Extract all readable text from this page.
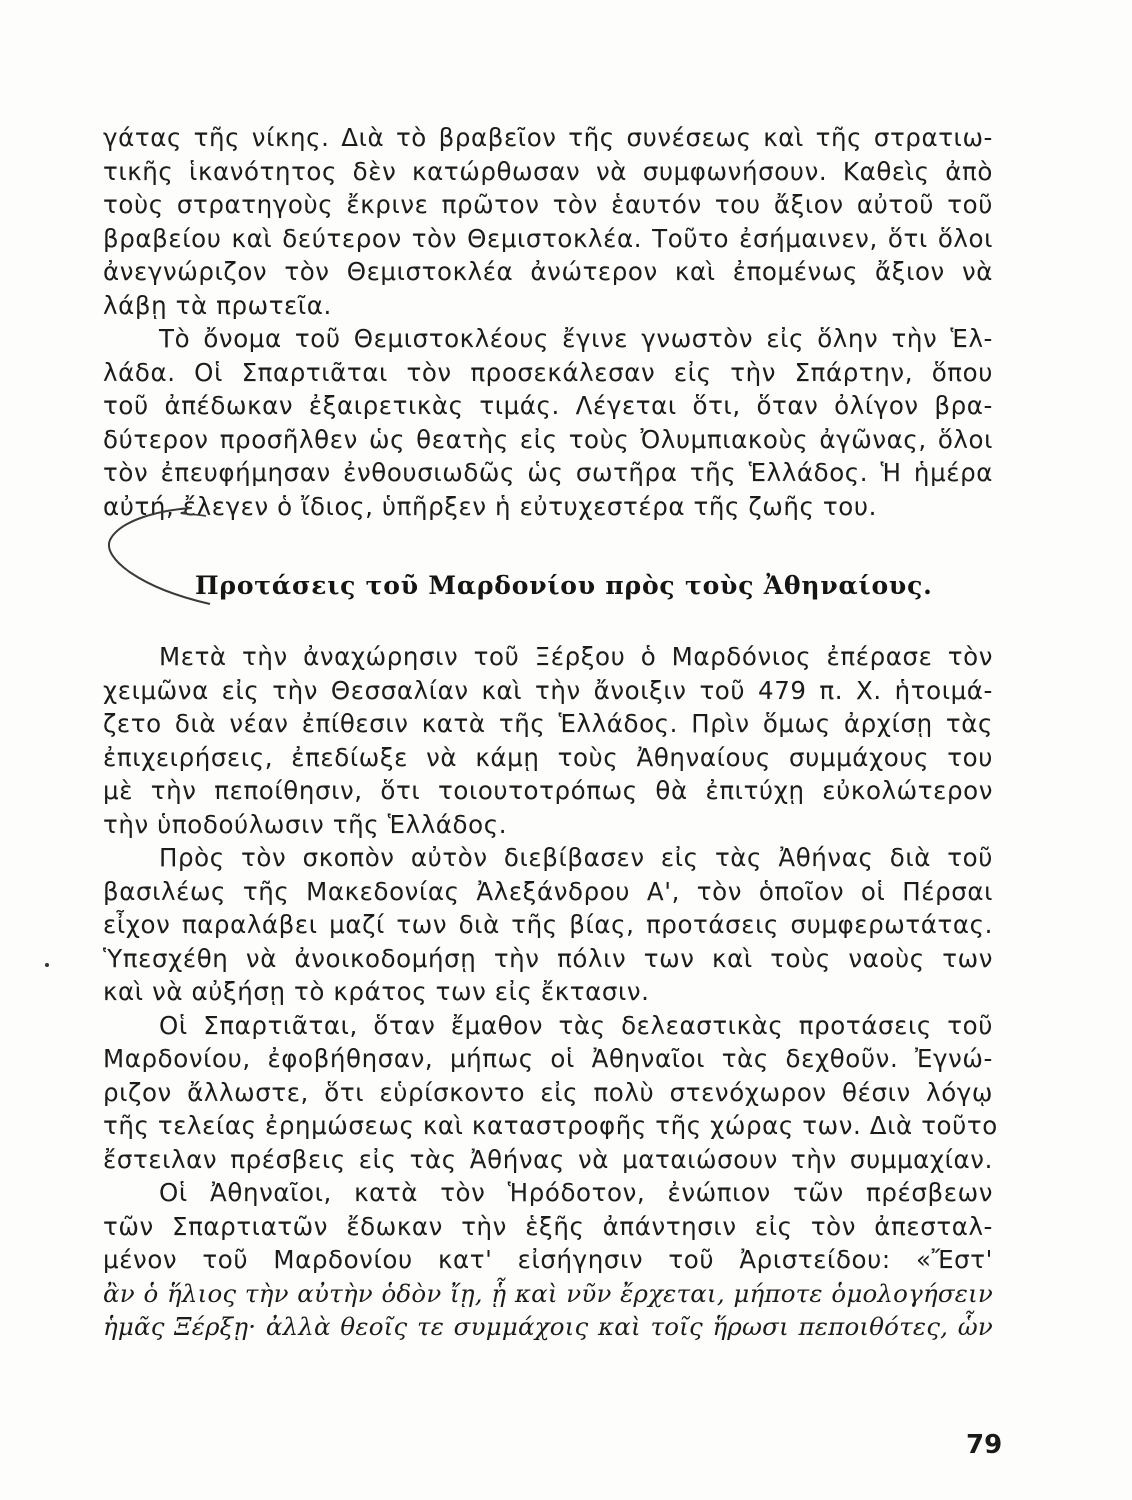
γάτας τῆς νίκης. Διὰ τὸ βραβεῖον τῆς συνέσεως καὶ τῆς στρατιω-
τικῆς ἱκανότητος δὲν κατώρθωσαν νὰ συμφωνήσουν. Καθεὶς ἀπὸ
τοὺς στρατηγοὺς ἔκρινε πρῶτον τὸν ἑαυτόν του ἄξιον αὐτοῦ τοῦ
βραβείου καὶ δεύτερον τὸν Θεμιστοκλέα. Τοῦτο ἐσήμαινεν, ὅτι ὅλοι
ἀνεγνώριζον τὸν Θεμιστοκλέα ἀνώτερον καὶ ἐπομένως ἄξιον νὰ
λάβῃ τὰ πρωτεῖα.

Τὸ ὄνομα τοῦ Θεμιστοκλέους ἔγινε γνωστὸν εἰς ὅλην τὴν Ἑλ-
λάδα. Οἱ Σπαρτιᾶται τὸν προσεκάλεσαν εἰς τὴν Σπάρτην, ὅπου
τοῦ ἀπέδωκαν ἐξαιρετικὰς τιμάς. Λέγεται ὅτι, ὅταν ὀλίγον βρα-
δύτερον προσῆλθεν ὡς θεατὴς εἰς τοὺς Ὀλυμπιακοὺς ἀγῶνας, ὅλοι
τὸν ἐπευφήμησαν ἐνθουσιωδῶς ὡς σωτῆρα τῆς Ἑλλάδος. Ἡ ἡμέρα
αὐτή, ἔλεγεν ὁ ἴδιος, ὑπῆρξεν ἡ εὐτυχεστέρα τῆς ζωῆς του.

Προτάσεις τοῦ Μαρδονίου πρὸς τοὺς Ἀθηναίους.

Μετὰ τὴν ἀναχώρησιν τοῦ Ξέρξου ὁ Μαρδόνιος ἐπέρασε τὸν
χειμῶνα εἰς τὴν Θεσσαλίαν καὶ τὴν ἄνοιξιν τοῦ 479 π. Χ. ἡτοιμά-
ζετο διὰ νέαν ἐπίθεσιν κατὰ τῆς Ἑλλάδος. Πρὶν ὅμως ἀρχίσῃ τὰς
ἐπιχειρήσεις, ἐπεδίωξε νὰ κάμῃ τοὺς Ἀθηναίους συμμάχους του
μὲ τὴν πεποίθησιν, ὅτι τοιουτοτρόπως θὰ ἐπιτύχῃ εὐκολώτερον
τὴν ὑποδούλωσιν τῆς Ἑλλάδος.

Πρὸς τὸν σκοπὸν αὐτὸν διεβίβασεν εἰς τὰς Ἀθήνας διὰ τοῦ
βασιλέως τῆς Μακεδονίας Ἀλεξάνδρου Α', τὸν ὁποῖον οἱ Πέρσαι
εἶχον παραλάβει μαζί των διὰ τῆς βίας, προτάσεις συμφερωτάτας.
Ὑπεσχέθη νὰ ἀνοικοδομήσῃ τὴν πόλιν των καὶ τοὺς ναοὺς των
καὶ νὰ αὐξήσῃ τὸ κράτος των εἰς ἔκτασιν.

Οἱ Σπαρτιᾶται, ὅταν ἔμαθον τὰς δελεαστικὰς προτάσεις τοῦ
Μαρδονίου, ἐφοβήθησαν, μήπως οἱ Ἀθηναῖοι τὰς δεχθοῦν. Ἐγνώ-
ριζον ἄλλωστε, ὅτι εὑρίσκοντο εἰς πολὺ στενόχωρον θέσιν λόγῳ
τῆς τελείας ἐρημώσεως καὶ καταστροφῆς τῆς χώρας των. Διὰ τοῦτο
ἔστειλαν πρέσβεις εἰς τὰς Ἀθήνας νὰ ματαιώσουν τὴν συμμαχίαν.

Οἱ Ἀθηναῖοι, κατὰ τὸν Ἡρόδοτον, ἐνώπιον τῶν πρέσβεων
τῶν Σπαρτιατῶν ἔδωκαν τὴν ἑξῆς ἀπάντησιν εἰς τὸν ἀπεσταλ-
μένον τοῦ Μαρδονίου κατ' εἰσήγησιν τοῦ Ἀριστείδου: «Ἔστ'
ἂν ὁ ἥλιος τὴν αὐτὴν ὁδὸν ἴῃ, ᾗ καὶ νῦν ἔρχεται, μήποτε ὁμολογήσειν
ἡμᾶς Ξέρξῃ· ἀλλὰ θεοῖς τε συμμάχοις καὶ τοῖς ἥρωσι πεποιθότες, ὧν

79
